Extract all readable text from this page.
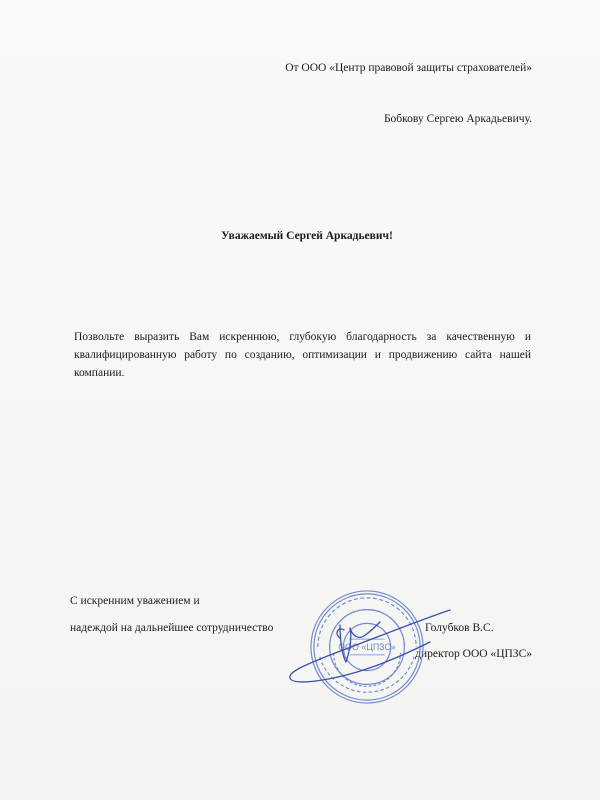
От ООО «Центр правовой защиты страхователей»
Бобкову Сергею Аркадьевичу.
Уважаемый Сергей Аркадьевич!
Позвольте выразить Вам искреннюю, глубокую благодарность за качественную и квалифицированную работу по созданию, оптимизации и продвижению сайта нашей компании.
С искренним уважением и
надеждой на дальнейшее сотрудничество	Голубков В.С.
директор ООО «ЦПЗС»
ООО «ЦПЗС»
